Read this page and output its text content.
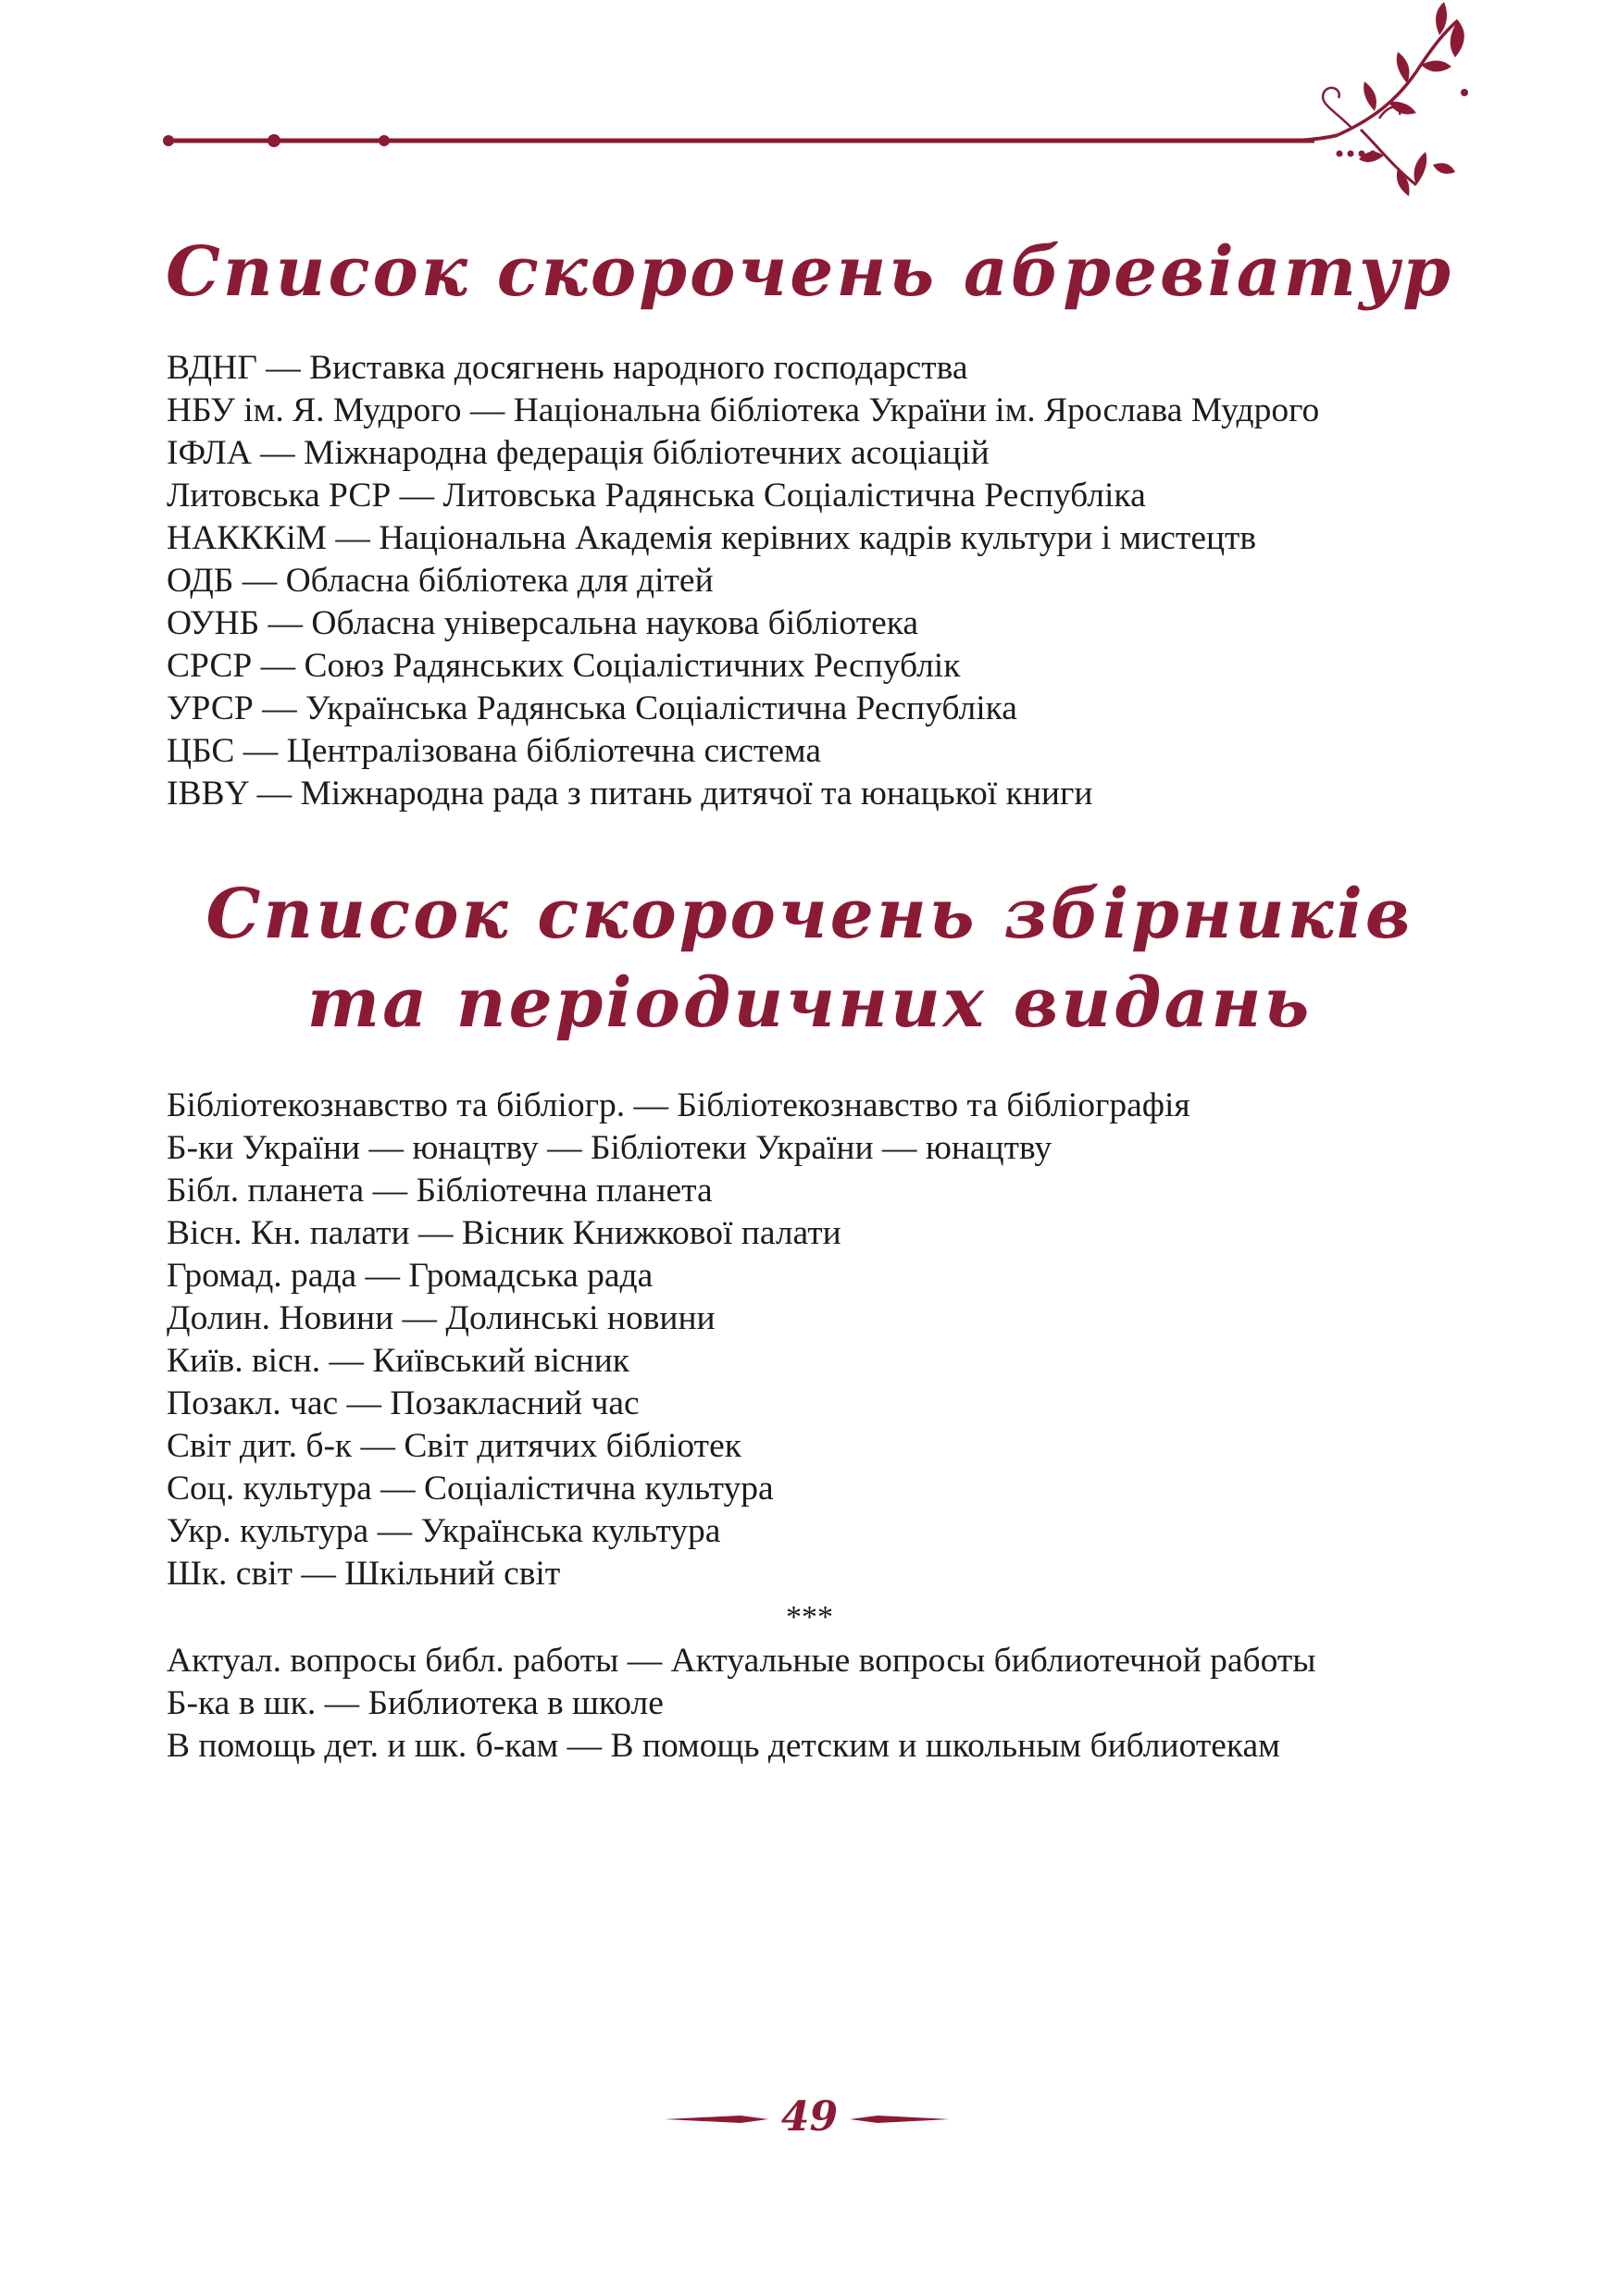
Список скорочень абревіатур
ВДНГ — Виставка досягнень народного господарства
НБУ ім. Я. Мудрого — Національна бібліотека України ім. Ярослава Мудрого
ІФЛА — Міжнародна федерація бібліотечних асоціацій
Литовська РСР — Литовська Радянська Соціалістична Республіка
НАКККіМ — Національна Академія керівних кадрів культури і мистецтв
ОДБ — Обласна бібліотека для дітей
ОУНБ — Обласна універсальна наукова бібліотека
СРСР — Союз Радянських Соціалістичних Республік
УРСР — Українська Радянська Соціалістична Республіка
ЦБС — Централізована бібліотечна система
IBBY — Міжнародна рада з питань дитячої та юнацької книги
Список скорочень збірників
та періодичних видань
Бібліотекознавство та бібліогр. — Бібліотекознавство та бібліографія
Б-ки України — юнацтву — Бібліотеки України — юнацтву
Бібл. планета — Бібліотечна планета
Вісн. Кн. палати — Вісник Книжкової палати
Громад. рада — Громадська рада
Долин. Новини — Долинські новини
Київ. вісн. — Київський вісник
Позакл. час — Позакласний час
Світ дит. б-к — Світ дитячих бібліотек
Соц. культура — Соціалістична культура
Укр. культура — Українська культура
Шк. світ — Шкільний світ
***
Актуал. вопросы библ. работы — Актуальные вопросы библиотечной работы
Б-ка в шк. — Библиотека в школе
В помощь дет. и шк. б-кам — В помощь детским и школьным библиотекам
49
